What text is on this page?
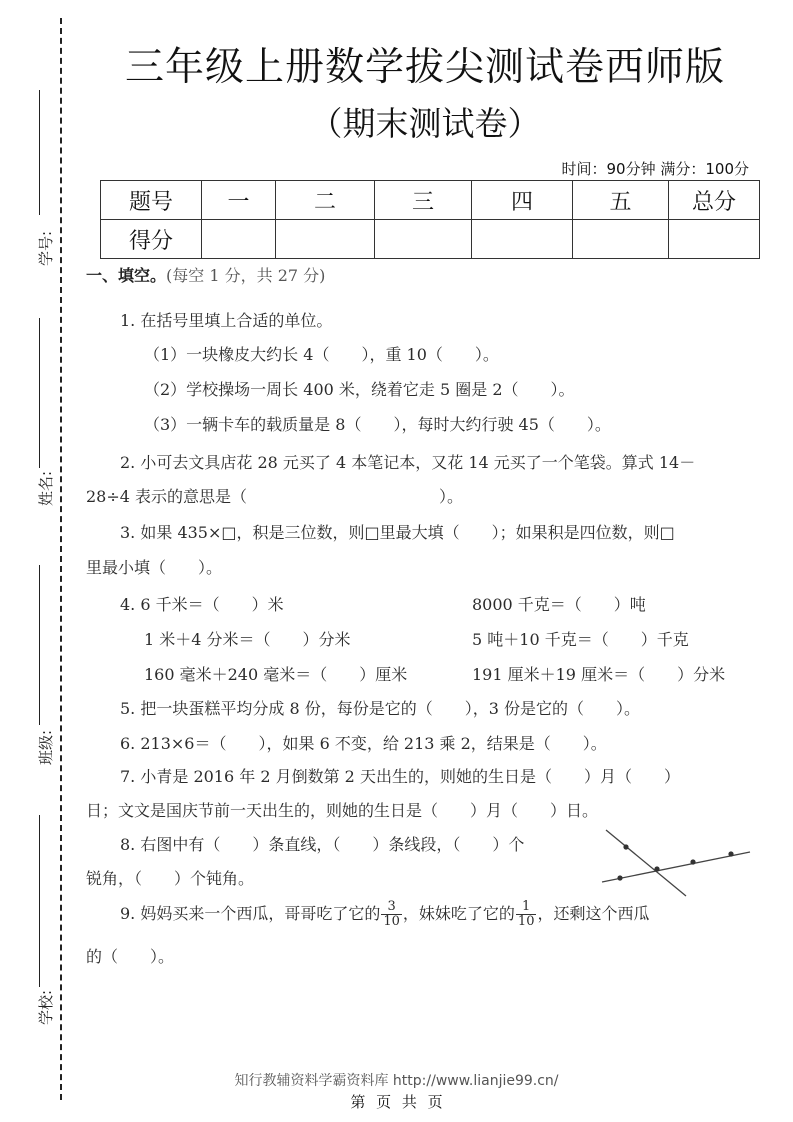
学号:
姓名:
班级:
学校:
三年级上册数学拔尖测试卷西师版
（期末测试卷）
时间：90分钟 满分：100分
题号	一	二	三	四	五	总分
得分						
一、填空。(每空 1 分，共 27 分)
1. 在括号里填上合适的单位。
（1）一块橡皮大约长 4（　　），重 10（　　）。
（2）学校操场一周长 400 米，绕着它走 5 圈是 2（　　）。
（3）一辆卡车的载质量是 8（　　），每时大约行驶 45（　　）。
2. 小可去文具店花 28 元买了 4 本笔记本，又花 14 元买了一个笔袋。算式 14－
28÷4 表示的意思是（　　　　　　　　　　　　）。
3. 如果 435×□，积是三位数，则□里最大填（　　）；如果积是四位数，则□
里最小填（　　）。
4. 6 千米＝（　　）米	8000 千克＝（　　）吨
1 米＋4 分米＝（　　）分米	5 吨＋10 千克＝（　　）千克
160 毫米＋240 毫米＝（　　）厘米	191 厘米＋19 厘米＝（　　）分米
5. 把一块蛋糕平均分成 8 份，每份是它的（　　），3 份是它的（　　）。
6. 213×6＝（　　），如果 6 不变，给 213 乘 2，结果是（　　）。
7. 小青是 2016 年 2 月倒数第 2 天出生的，则她的生日是（　　）月（　　）
日；文文是国庆节前一天出生的，则她的生日是（　　）月（　　）日。
8. 右图中有（　　）条直线，（　　）条线段，（　　）个
锐角，（　　）个钝角。
9. 妈妈买来一个西瓜，哥哥吃了它的 $\frac{3}{10}$ ，妹妹吃了它的 $\frac{1}{10}$ ，还剩这个西瓜
的（　　）。
知行教辅资料学霸资料库 http://www.lianjie99.cn/
第 页 共 页
